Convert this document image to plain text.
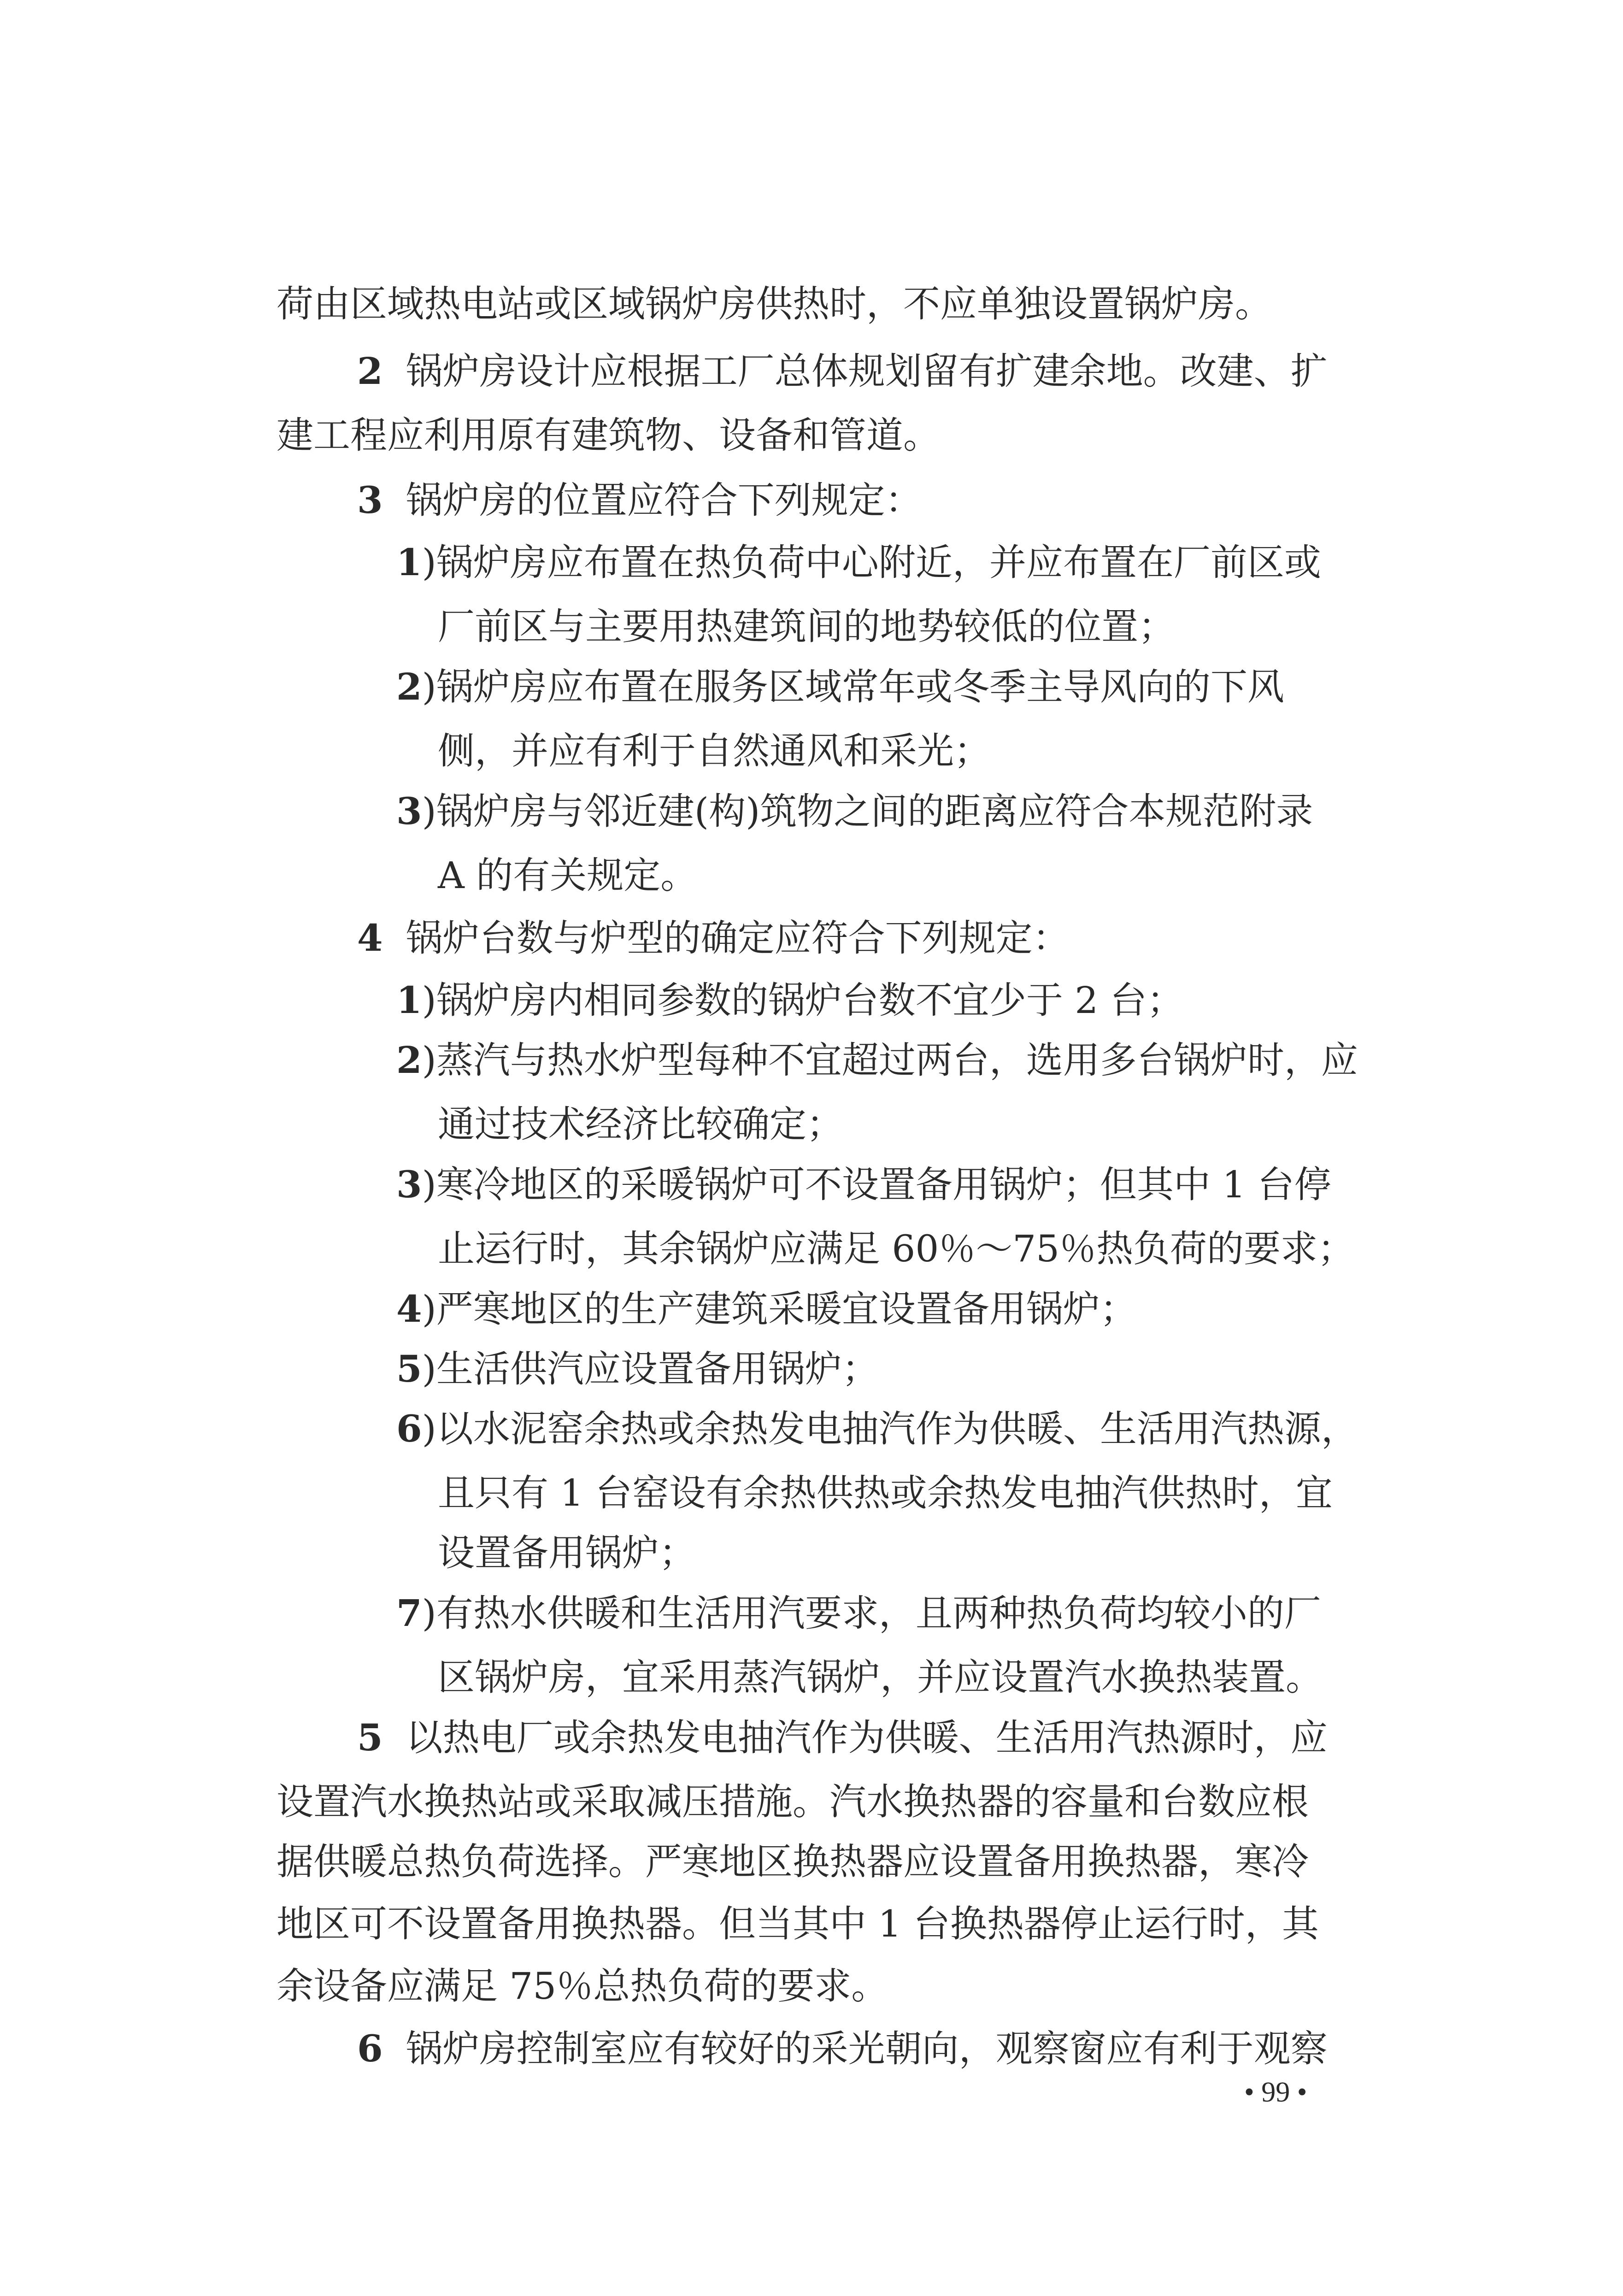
荷由区域热电站或区域锅炉房供热时，不应单独设置锅炉房。
2 锅炉房设计应根据工厂总体规划留有扩建余地。改建、扩
建工程应利用原有建筑物、设备和管道。
3 锅炉房的位置应符合下列规定：
1)锅炉房应布置在热负荷中心附近，并应布置在厂前区或
厂前区与主要用热建筑间的地势较低的位置；
2)锅炉房应布置在服务区域常年或冬季主导风向的下风
侧，并应有利于自然通风和采光；
3)锅炉房与邻近建(构)筑物之间的距离应符合本规范附录
A 的有关规定。
4 锅炉台数与炉型的确定应符合下列规定：
1)锅炉房内相同参数的锅炉台数不宜少于 2 台；
2)蒸汽与热水炉型每种不宜超过两台，选用多台锅炉时，应
通过技术经济比较确定；
3)寒冷地区的采暖锅炉可不设置备用锅炉；但其中 1 台停
止运行时，其余锅炉应满足 60％～75％热负荷的要求；
4)严寒地区的生产建筑采暖宜设置备用锅炉；
5)生活供汽应设置备用锅炉；
6)以水泥窑余热或余热发电抽汽作为供暖、生活用汽热源，
且只有 1 台窑设有余热供热或余热发电抽汽供热时，宜
设置备用锅炉；
7)有热水供暖和生活用汽要求，且两种热负荷均较小的厂
区锅炉房，宜采用蒸汽锅炉，并应设置汽水换热装置。
5 以热电厂或余热发电抽汽作为供暖、生活用汽热源时，应
设置汽水换热站或采取减压措施。汽水换热器的容量和台数应根
据供暖总热负荷选择。严寒地区换热器应设置备用换热器，寒冷
地区可不设置备用换热器。但当其中 1 台换热器停止运行时，其
余设备应满足 75％总热负荷的要求。
6 锅炉房控制室应有较好的采光朝向，观察窗应有利于观察
• 99 •
